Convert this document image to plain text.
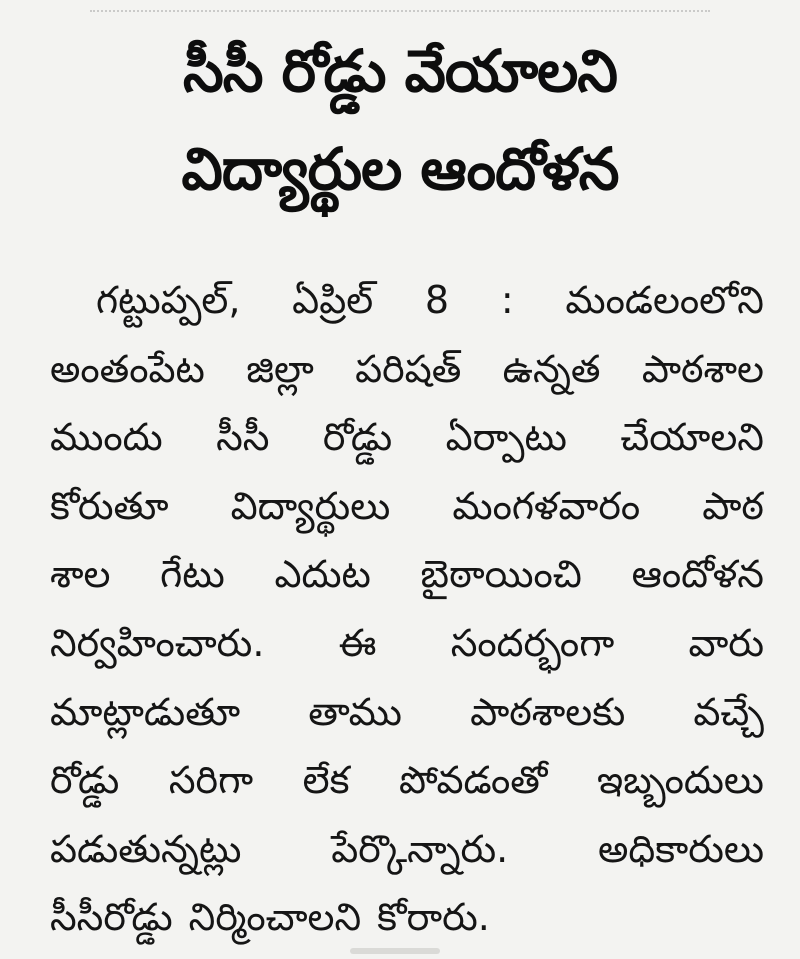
సీసీ రోడ్డు వేయాలని
విద్యార్థుల ఆందోళన
గట్టుప్పల్, ఏప్రిల్ 8 : మండలంలోని
అంతంపేట జిల్లా పరిషత్ ఉన్నత పాఠశాల
ముందు సీసీ రోడ్డు ఏర్పాటు చేయాలని
కోరుతూ విద్యార్థులు మంగళవారం పాఠ
శాల గేటు ఎదుట బైఠాయించి ఆందోళన
నిర్వహించారు. ఈ సందర్భంగా వారు
మాట్లాడుతూ తాము పాఠశాలకు వచ్చే
రోడ్డు సరిగా లేక పోవడంతో ఇబ్బందులు
పడుతున్నట్లు పేర్కొన్నారు. అధికారులు
సీసీరోడ్డు నిర్మించాలని కోరారు.
